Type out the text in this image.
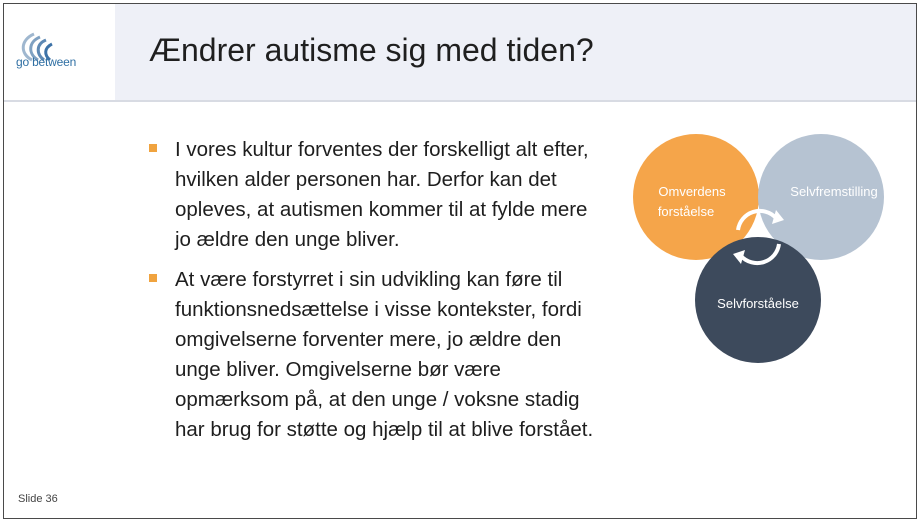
go between Ændrer autisme sig med tiden?
I vores kultur forventes der forskelligt alt efter, hvilken alder personen har. Derfor kan det opleves, at autismen kommer til at fylde mere jo ældre den unge bliver.
At være forstyrret i sin udvikling kan føre til funktionsnedsættelse i visse kontekster, fordi omgivelserne forventer mere, jo ældre den unge bliver. Omgivelserne bør være opmærksom på, at den unge / voksne stadig har brug for støtte og hjælp til at blive forstået.
Omverdens
forståelse
Selvfremstilling
Selvforståelse
Slide 36
